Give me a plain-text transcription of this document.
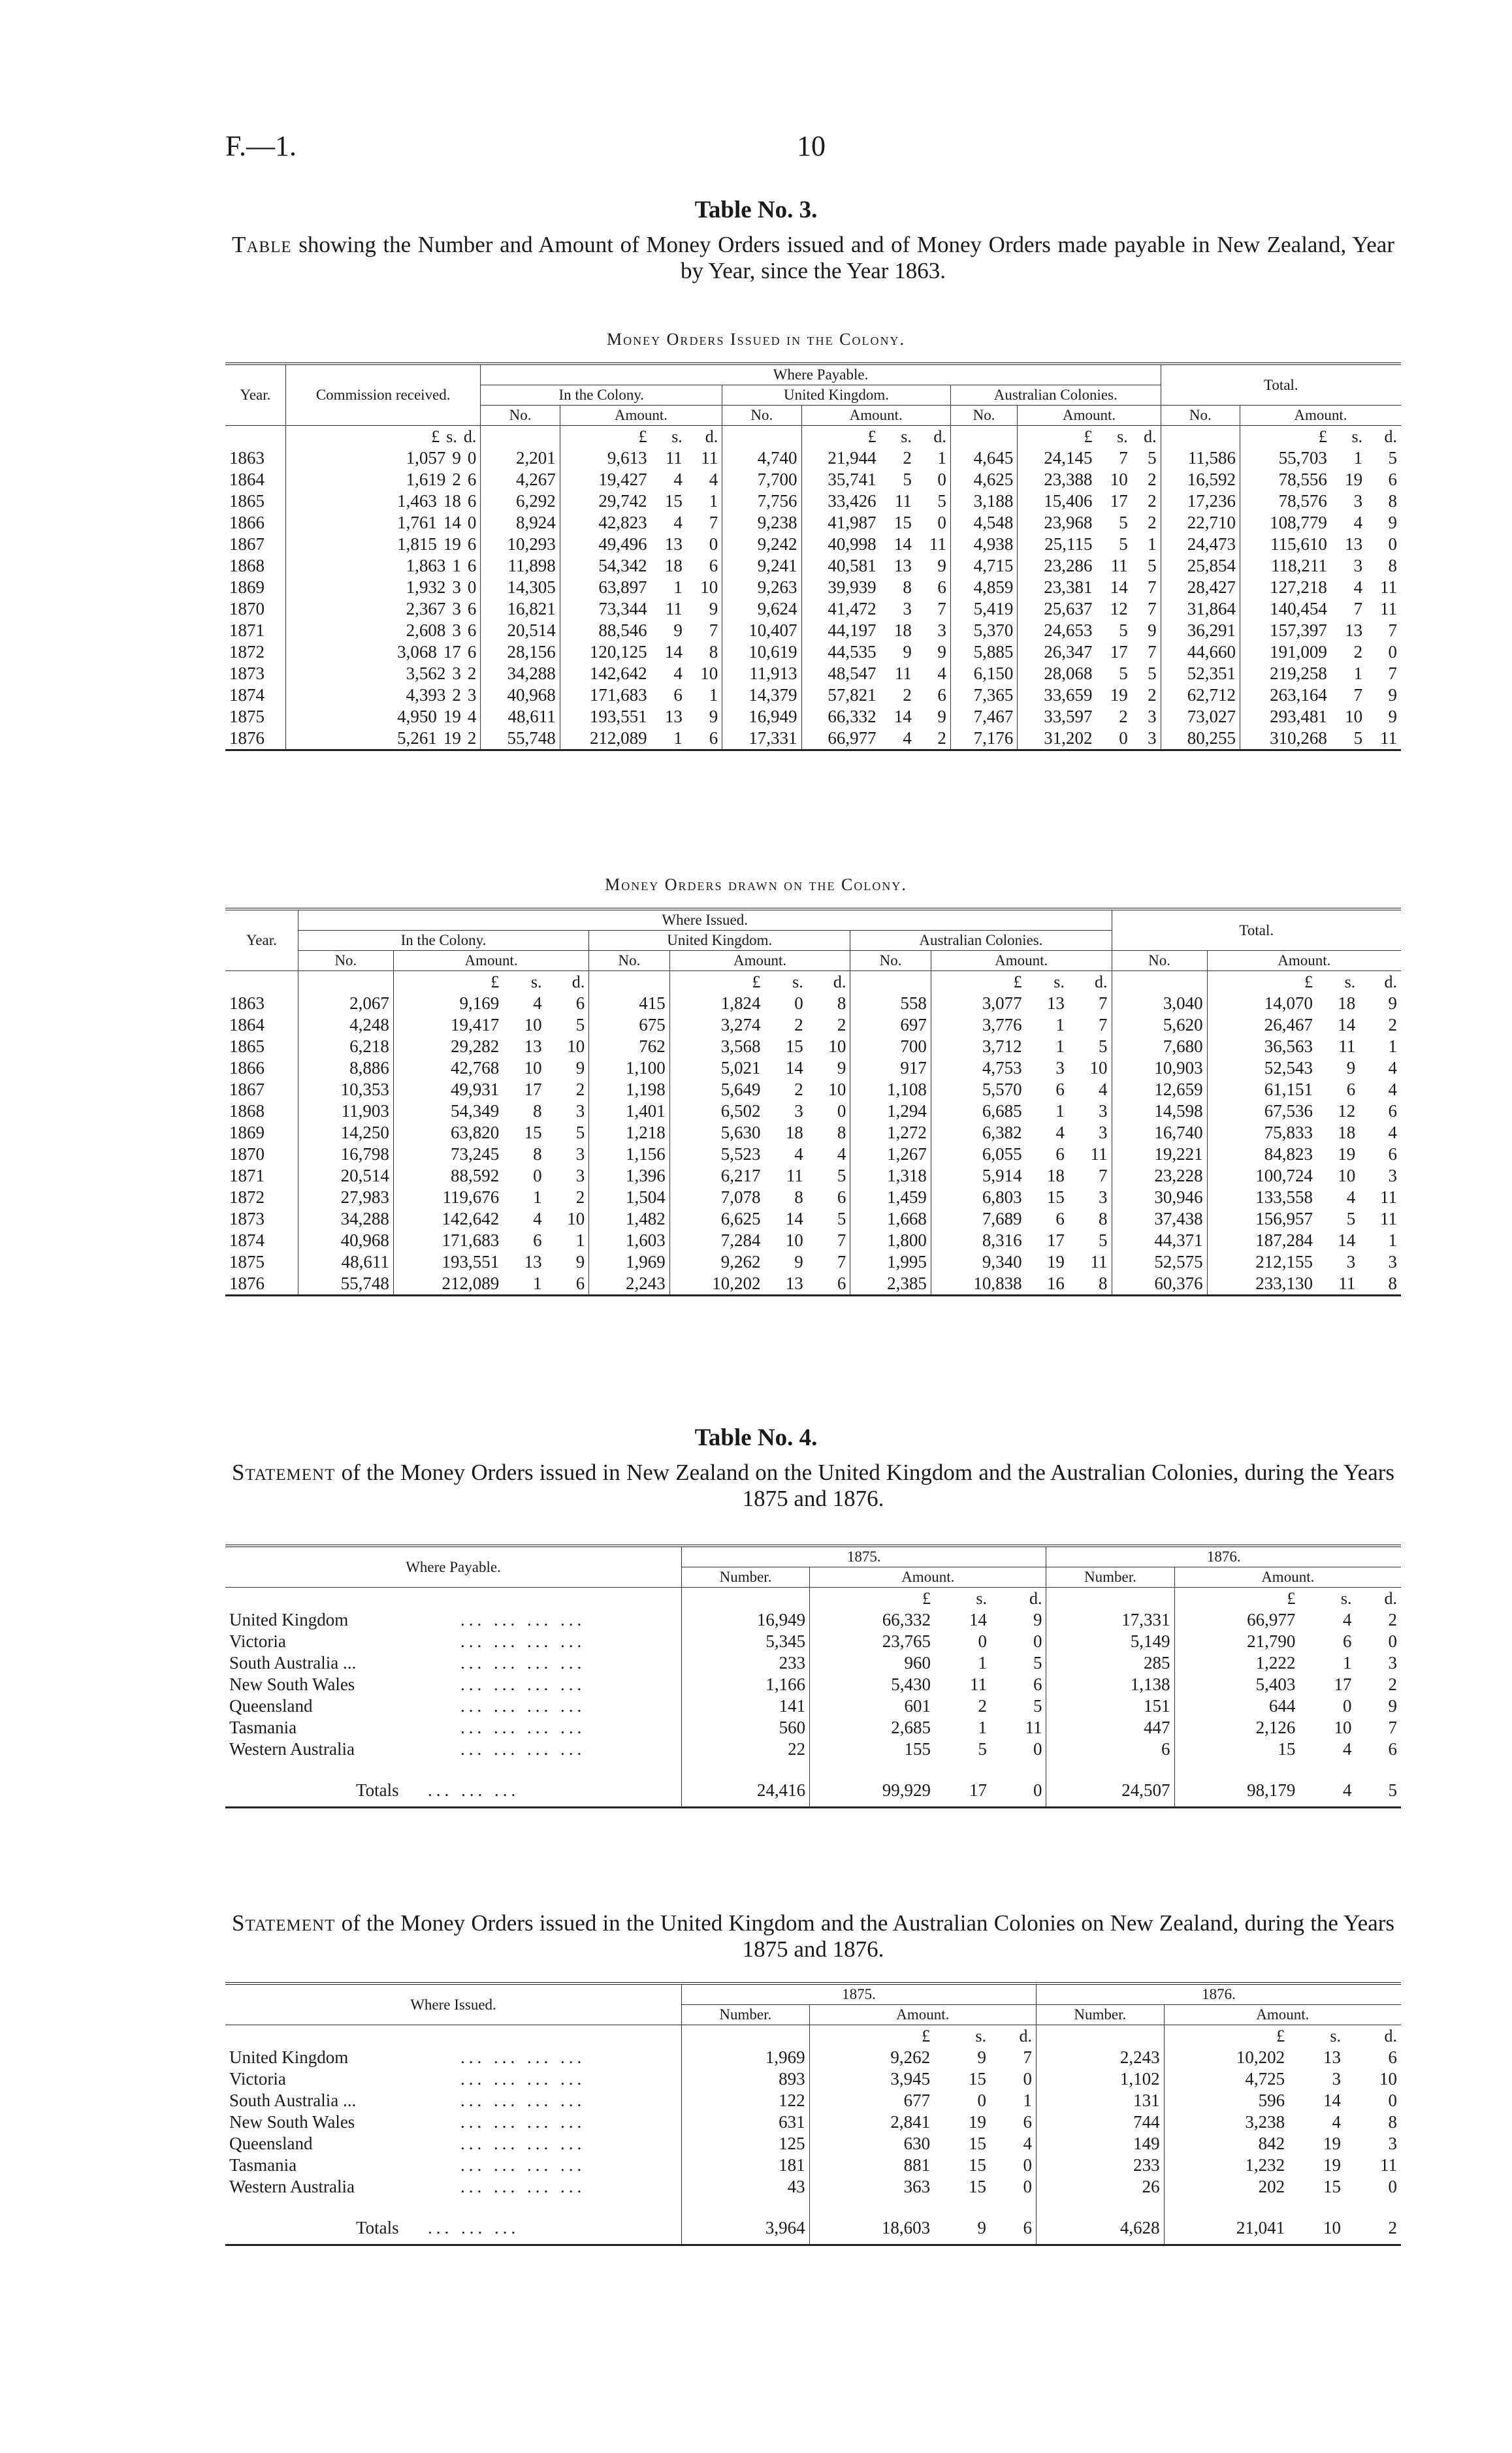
F.—1.	10
Table No. 3.
Table showing the Number and Amount of Money Orders issued and of Money Orders made payable in New Zealand, Year by Year, since the Year 1863.
Money Orders Issued in the Colony.
Year.	Commission received.	Where Payable.												Total.			
		In the Colony.				United Kingdom.				Australian Colonies.							
		No.	Amount.			No.	Amount.			No.	Amount.			No.	Amount.		
	£ s. d.		£	s.	d.		£	s.	d.		£	s.	d.		£	s.	d.
1863	1,057 9 0	2,201	9,613	11	11	4,740	21,944	2	1	4,645	24,145	7	5	11,586	55,703	1	5
1864	1,619 2 6	4,267	19,427	4	4	7,700	35,741	5	0	4,625	23,388	10	2	16,592	78,556	19	6
1865	1,463 18 6	6,292	29,742	15	1	7,756	33,426	11	5	3,188	15,406	17	2	17,236	78,576	3	8
1866	1,761 14 0	8,924	42,823	4	7	9,238	41,987	15	0	4,548	23,968	5	2	22,710	108,779	4	9
1867	1,815 19 6	10,293	49,496	13	0	9,242	40,998	14	11	4,938	25,115	5	1	24,473	115,610	13	0
1868	1,863 1 6	11,898	54,342	18	6	9,241	40,581	13	9	4,715	23,286	11	5	25,854	118,211	3	8
1869	1,932 3 0	14,305	63,897	1	10	9,263	39,939	8	6	4,859	23,381	14	7	28,427	127,218	4	11
1870	2,367 3 6	16,821	73,344	11	9	9,624	41,472	3	7	5,419	25,637	12	7	31,864	140,454	7	11
1871	2,608 3 6	20,514	88,546	9	7	10,407	44,197	18	3	5,370	24,653	5	9	36,291	157,397	13	7
1872	3,068 17 6	28,156	120,125	14	8	10,619	44,535	9	9	5,885	26,347	17	7	44,660	191,009	2	0
1873	3,562 3 2	34,288	142,642	4	10	11,913	48,547	11	4	6,150	28,068	5	5	52,351	219,258	1	7
1874	4,393 2 3	40,968	171,683	6	1	14,379	57,821	2	6	7,365	33,659	19	2	62,712	263,164	7	9
1875	4,950 19 4	48,611	193,551	13	9	16,949	66,332	14	9	7,467	33,597	2	3	73,027	293,481	10	9
1876	5,261 19 2	55,748	212,089	1	6	17,331	66,977	4	2	7,176	31,202	0	3	80,255	310,268	5	11
Money Orders drawn on the Colony.
Year.	Where Issued.												Total.			
	In the Colony.				United Kingdom.				Australian Colonies.							
	No.	Amount.			No.	Amount.			No.	Amount.			No.	Amount.		
		£	s.	d.		£	s.	d.		£	s.	d.		£	s.	d.
1863	2,067	9,169	4	6	415	1,824	0	8	558	3,077	13	7	3,040	14,070	18	9
1864	4,248	19,417	10	5	675	3,274	2	2	697	3,776	1	7	5,620	26,467	14	2
1865	6,218	29,282	13	10	762	3,568	15	10	700	3,712	1	5	7,680	36,563	11	1
1866	8,886	42,768	10	9	1,100	5,021	14	9	917	4,753	3	10	10,903	52,543	9	4
1867	10,353	49,931	17	2	1,198	5,649	2	10	1,108	5,570	6	4	12,659	61,151	6	4
1868	11,903	54,349	8	3	1,401	6,502	3	0	1,294	6,685	1	3	14,598	67,536	12	6
1869	14,250	63,820	15	5	1,218	5,630	18	8	1,272	6,382	4	3	16,740	75,833	18	4
1870	16,798	73,245	8	3	1,156	5,523	4	4	1,267	6,055	6	11	19,221	84,823	19	6
1871	20,514	88,592	0	3	1,396	6,217	11	5	1,318	5,914	18	7	23,228	100,724	10	3
1872	27,983	119,676	1	2	1,504	7,078	8	6	1,459	6,803	15	3	30,946	133,558	4	11
1873	34,288	142,642	4	10	1,482	6,625	14	5	1,668	7,689	6	8	37,438	156,957	5	11
1874	40,968	171,683	6	1	1,603	7,284	10	7	1,800	8,316	17	5	44,371	187,284	14	1
1875	48,611	193,551	13	9	1,969	9,262	9	7	1,995	9,340	19	11	52,575	212,155	3	3
1876	55,748	212,089	1	6	2,243	10,202	13	6	2,385	10,838	16	8	60,376	233,130	11	8
Table No. 4.
Statement of the Money Orders issued in New Zealand on the United Kingdom and the Australian Colonies, during the Years 1875 and 1876.
Where Payable.	1875.				1876.			
	Number.	Amount.			Number.	Amount.		
		£	s.	d.		£	s.	d.
United Kingdom ... ... ... ...	16,949	66,332	14	9	17,331	66,977	4	2
Victoria ... ... ... ...	5,345	23,765	0	0	5,149	21,790	6	0
South Australia ... ... ... ... ...	233	960	1	5	285	1,222	1	3
New South Wales ... ... ... ...	1,166	5,430	11	6	1,138	5,403	17	2
Queensland ... ... ... ...	141	601	2	5	151	644	0	9
Tasmania ... ... ... ...	560	2,685	1	11	447	2,126	10	7
Western Australia ... ... ... ...	22	155	5	0	6	15	4	6
Totals ... ... ...	24,416	99,929	17	0	24,507	98,179	4	5
Statement of the Money Orders issued in the United Kingdom and the Australian Colonies on New Zealand, during the Years 1875 and 1876.
Where Issued.	1875.				1876.			
	Number.	Amount.			Number.	Amount.		
		£	s.	d.		£	s.	d.
United Kingdom ... ... ... ...	1,969	9,262	9	7	2,243	10,202	13	6
Victoria ... ... ... ...	893	3,945	15	0	1,102	4,725	3	10
South Australia ... ... ... ... ...	122	677	0	1	131	596	14	0
New South Wales ... ... ... ...	631	2,841	19	6	744	3,238	4	8
Queensland ... ... ... ...	125	630	15	4	149	842	19	3
Tasmania ... ... ... ...	181	881	15	0	233	1,232	19	11
Western Australia ... ... ... ...	43	363	15	0	26	202	15	0
Totals ... ... ...	3,964	18,603	9	6	4,628	21,041	10	2
